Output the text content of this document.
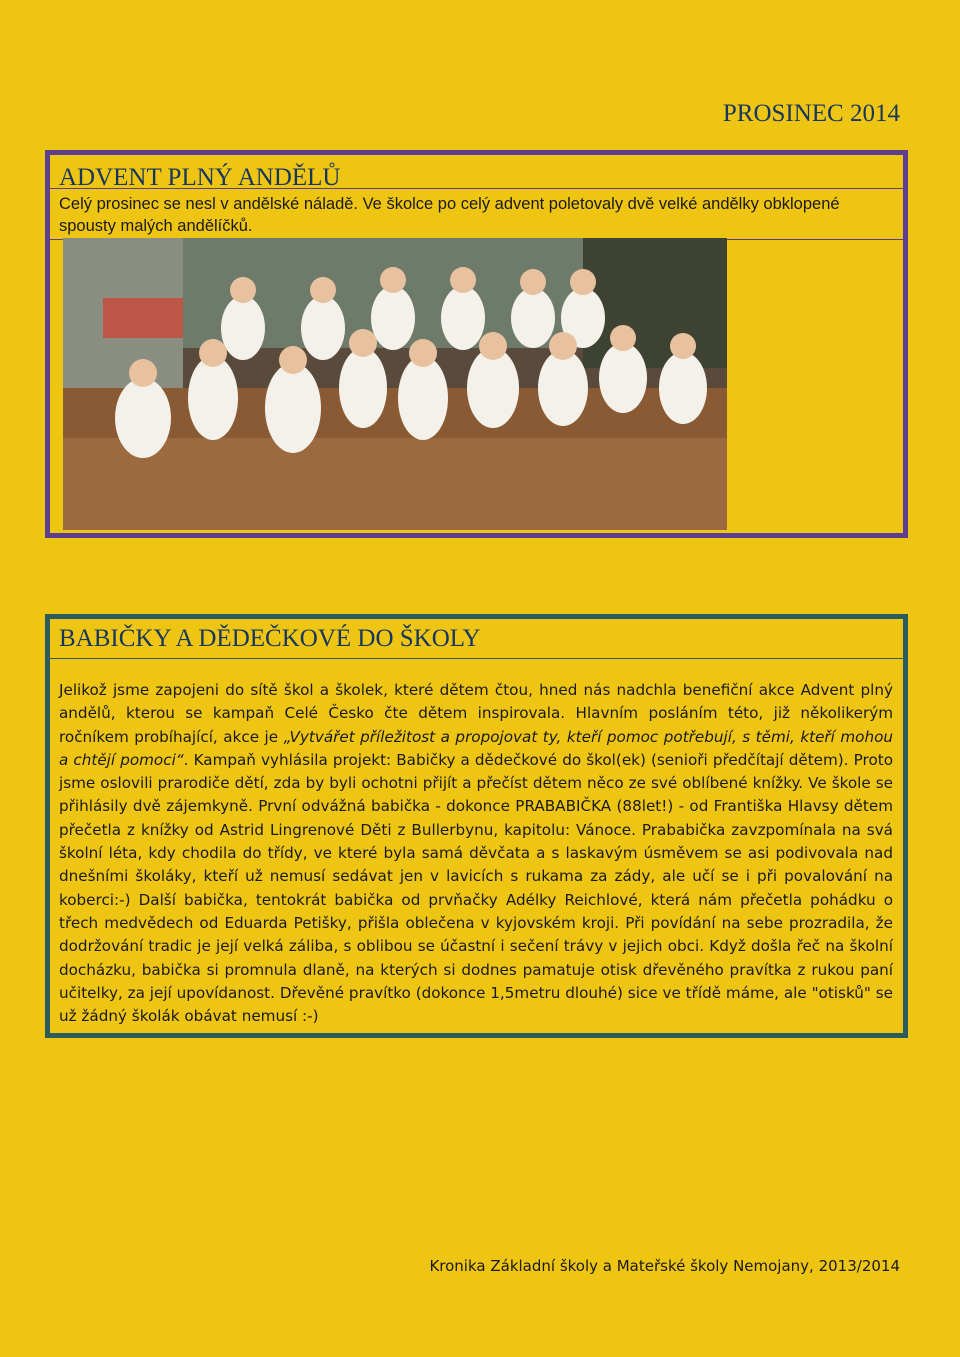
PROSINEC 2014
ADVENT PLNÝ ANDĚLŮ
Celý prosinec se nesl v andělské náladě. Ve školce po celý advent poletovaly dvě velké andělky obklopené spousty malých andělíčků.
BABIČKY A DĚDEČKOVÉ DO ŠKOLY
Jelikož jsme zapojeni do sítě škol a školek, které dětem čtou, hned nás nadchla benefiční akce Advent plný andělů, kterou se kampaň Celé Česko čte dětem inspirovala. Hlavním posláním této, již několikerým ročníkem probíhající, akce je „Vytvářet příležitost a propojovat ty, kteří pomoc potřebují, s těmi, kteří mohou a chtějí pomoci“. Kampaň vyhlásila projekt: Babičky a dědečkové do škol(ek) (senioři předčítají dětem). Proto jsme oslovili prarodiče dětí, zda by byli ochotni přijít a přečíst dětem něco ze své oblíbené knížky. Ve škole se přihlásily dvě zájemkyně. První odvážná babička - dokonce PRABABIČKA (88let!) - od Františka Hlavsy dětem přečetla z knížky od Astrid Lingrenové Děti z Bullerbynu, kapitolu: Vánoce. Prababička zavzpomínala na svá školní léta, kdy chodila do třídy, ve které byla samá děvčata a s laskavým úsměvem se asi podivovala nad dnešními školáky, kteří už nemusí sedávat jen v lavicích s rukama za zády, ale učí se i při povalování na koberci:-) Další babička, tentokrát babička od prvňačky Adélky Reichlové, která nám přečetla pohádku o třech medvědech od Eduarda Petišky, přišla oblečena v kyjovském kroji. Při povídání na sebe prozradila, že dodržování tradic je její velká záliba, s oblibou se účastní i sečení trávy v jejich obci. Když došla řeč na školní docházku, babička si promnula dlaně, na kterých si dodnes pamatuje otisk dřevěného pravítka z rukou paní učitelky, za její upovídanost. Dřevěné pravítko (dokonce 1,5metru dlouhé) sice ve třídě máme, ale "otisků" se už žádný školák obávat nemusí :-)
Kronika Základní školy a Mateřské školy Nemojany, 2013/2014
